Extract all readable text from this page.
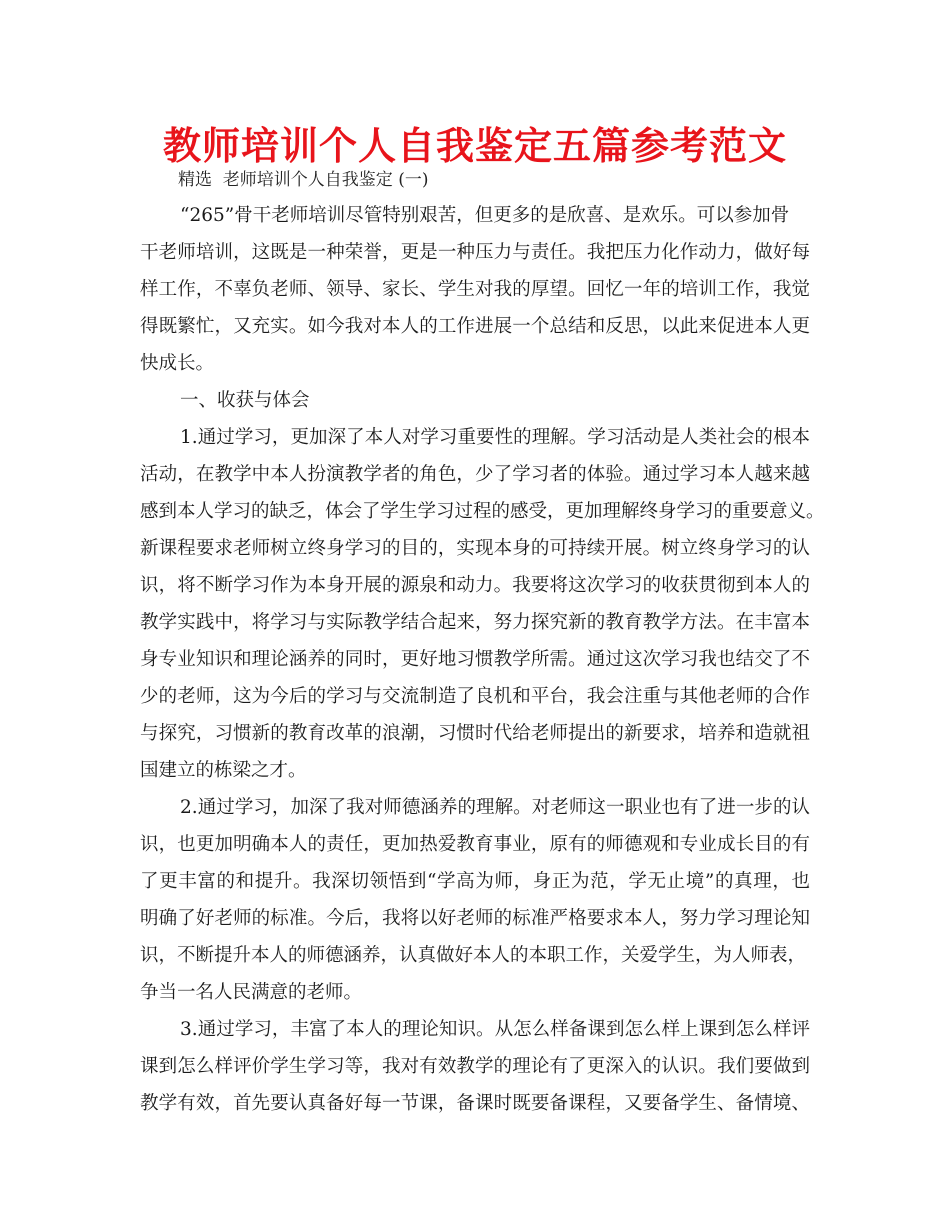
教师培训个人自我鉴定五篇参考范文
精选  老师培训个人自我鉴定 (一)
“265”骨干老师培训尽管特别艰苦，但更多的是欣喜、是欢乐。可以参加骨
干老师培训，这既是一种荣誉，更是一种压力与责任。我把压力化作动力，做好每
样工作，不辜负老师、领导、家长、学生对我的厚望。回忆一年的培训工作，我觉
得既繁忙，又充实。如今我对本人的工作进展一个总结和反思，以此来促进本人更
快成长。
一、收获与体会
1.通过学习，更加深了本人对学习重要性的理解。学习活动是人类社会的根本
活动，在教学中本人扮演教学者的角色，少了学习者的体验。通过学习本人越来越
感到本人学习的缺乏，体会了学生学习过程的感受，更加理解终身学习的重要意义。
新课程要求老师树立终身学习的目的，实现本身的可持续开展。树立终身学习的认
识，将不断学习作为本身开展的源泉和动力。我要将这次学习的收获贯彻到本人的
教学实践中，将学习与实际教学结合起来，努力探究新的教育教学方法。在丰富本
身专业知识和理论涵养的同时，更好地习惯教学所需。通过这次学习我也结交了不
少的老师，这为今后的学习与交流制造了良机和平台，我会注重与其他老师的合作
与探究，习惯新的教育改革的浪潮，习惯时代给老师提出的新要求，培养和造就祖
国建立的栋梁之才。
2.通过学习，加深了我对师德涵养的理解。对老师这一职业也有了进一步的认
识，也更加明确本人的责任，更加热爱教育事业，原有的师德观和专业成长目的有
了更丰富的和提升。我深切领悟到“学高为师，身正为范，学无止境”的真理，也
明确了好老师的标准。今后，我将以好老师的标准严格要求本人，努力学习理论知
识，不断提升本人的师德涵养，认真做好本人的本职工作，关爱学生，为人师表，
争当一名人民满意的老师。
3.通过学习，丰富了本人的理论知识。从怎么样备课到怎么样上课到怎么样评
课到怎么样评价学生学习等，我对有效教学的理论有了更深入的认识。我们要做到
教学有效，首先要认真备好每一节课，备课时既要备课程，又要备学生、备情境、
